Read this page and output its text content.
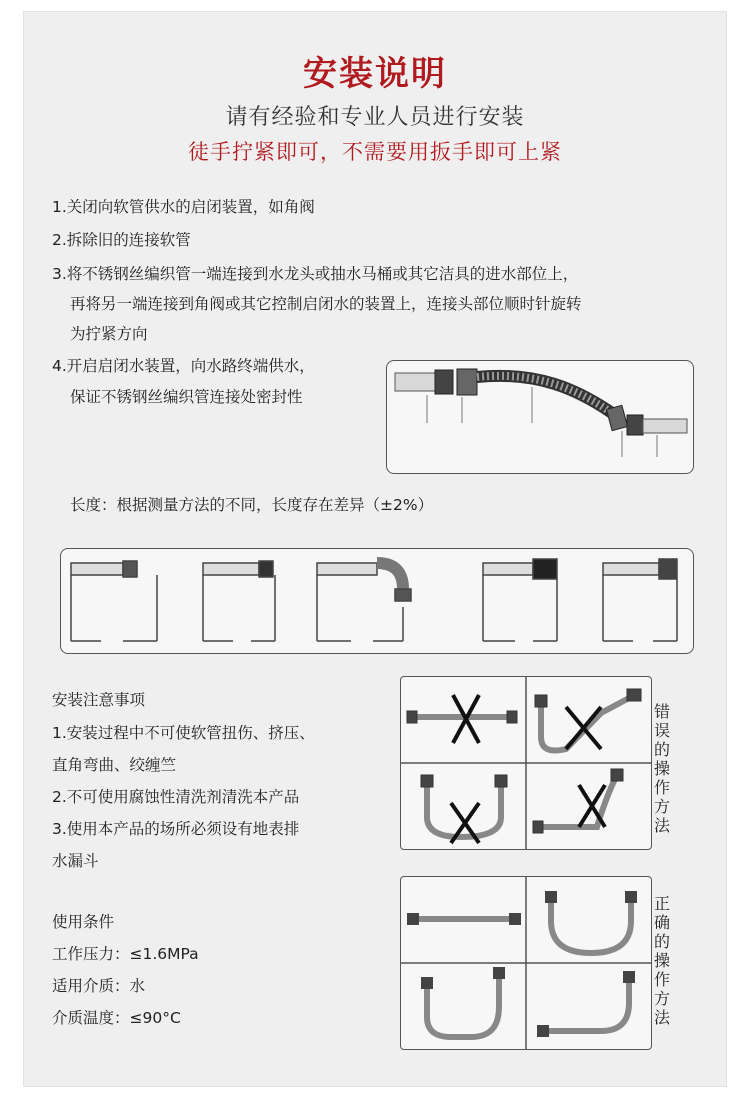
安装说明
请有经验和专业人员进行安装
徒手拧紧即可，不需要用扳手即可上紧
1.关闭向软管供水的启闭装置，如角阀
2.拆除旧的连接软管
3.将不锈钢丝编织管一端连接到水龙头或抽水马桶或其它洁具的进水部位上，
再将另一端连接到角阀或其它控制启闭水的装置上，连接头部位顺时针旋转
为拧紧方向
4.开启启闭水装置，向水路终端供水，
保证不锈钢丝编织管连接处密封性
长度：根据测量方法的不同，长度存在差异（±2%）
安装注意事项
1.安装过程中不可使软管扭伤、挤压、
直角弯曲、绞缠竺
2.不可使用腐蚀性清洗剂清洗本产品
3.使用本产品的场所必须设有地表排
水漏斗
错
误
的
操
作
方
法
使用条件
工作压力：≤1.6MPa
适用介质：水
介质温度：≤90°C
正
确
的
操
作
方
法
